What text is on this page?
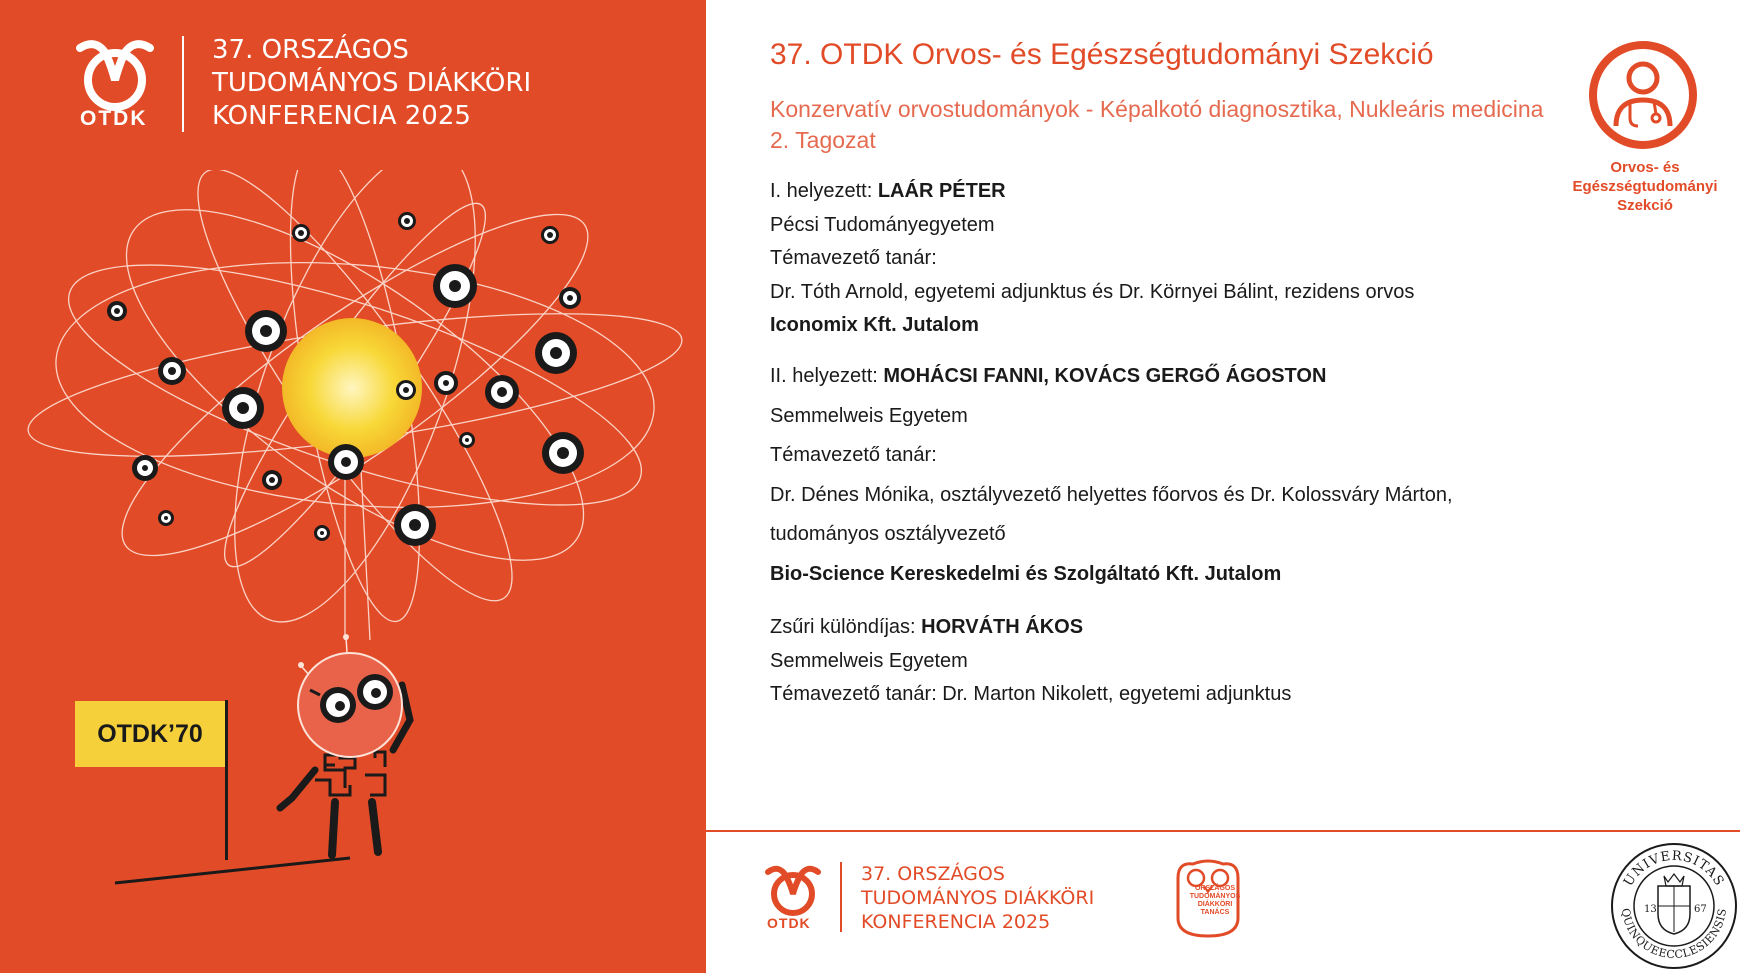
OTDK
37. ORSZÁGOS
TUDOMÁNYOS DIÁKKÖRI
KONFERENCIA 2025
OTDK’70
37. OTDK Orvos- és Egészségtudományi Szekció
Konzervatív orvostudományok - Képalkotó diagnosztika, Nukleáris medicina 2. Tagozat
Orvos- és
Egészségtudományi
Szekció
I. helyezett: LAÁR PÉTER
Pécsi Tudományegyetem
Témavezető tanár:
Dr. Tóth Arnold, egyetemi adjunktus és Dr. Környei Bálint, rezidens orvos
Iconomix Kft. Jutalom
II. helyezett: MOHÁCSI FANNI, KOVÁCS GERGŐ ÁGOSTON
Semmelweis Egyetem
Témavezető tanár:
Dr. Dénes Mónika, osztályvezető helyettes főorvos és Dr. Kolossváry Márton,
tudományos osztályvezető
Bio-Science Kereskedelmi és Szolgáltató Kft. Jutalom
Zsűri különdíjas: HORVÁTH ÁKOS
Semmelweis Egyetem
Témavezető tanár: Dr. Marton Nikolett, egyetemi adjunktus
OTDK
37. ORSZÁGOS
TUDOMÁNYOS DIÁKKÖRI
KONFERENCIA 2025
ORSZÁGOS
TUDOMÁNYOS
DIÁKKÖRI
TANÁCS
UNIVERSITAS
QUINQUEECCLESIENSIS
13	67
